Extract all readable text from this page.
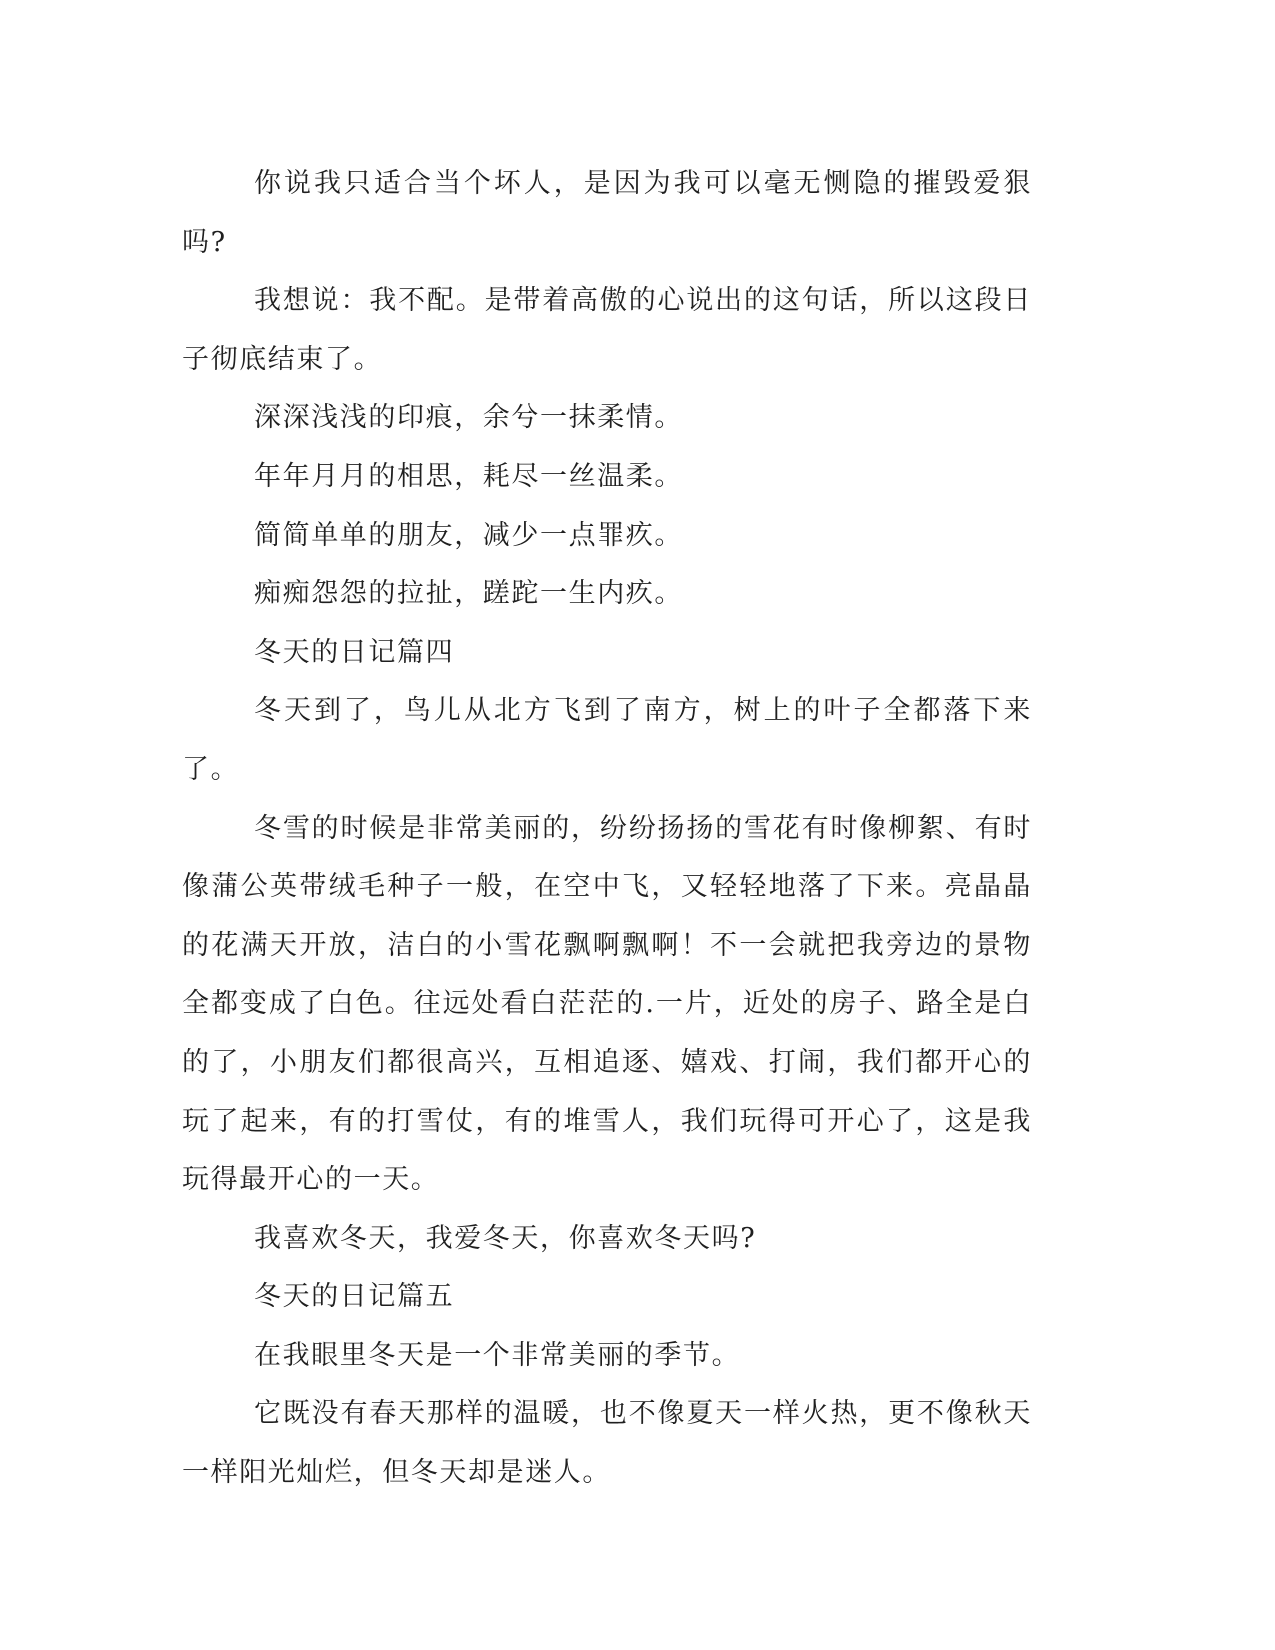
你说我只适合当个坏人，是因为我可以毫无恻隐的摧毁爱狠吗?

我想说：我不配。是带着高傲的心说出的这句话，所以这段日子彻底结束了。

深深浅浅的印痕，余兮一抹柔情。

年年月月的相思，耗尽一丝温柔。

简简单单的朋友，减少一点罪疚。

痴痴怨怨的拉扯，蹉跎一生内疚。

冬天的日记篇四

冬天到了，鸟儿从北方飞到了南方，树上的叶子全都落下来了。

冬雪的时候是非常美丽的，纷纷扬扬的雪花有时像柳絮、有时像蒲公英带绒毛种子一般，在空中飞，又轻轻地落了下来。亮晶晶的花满天开放，洁白的小雪花飘啊飘啊！不一会就把我旁边的景物全都变成了白色。往远处看白茫茫的.一片，近处的房子、路全是白的了，小朋友们都很高兴，互相追逐、嬉戏、打闹，我们都开心的玩了起来，有的打雪仗，有的堆雪人，我们玩得可开心了，这是我玩得最开心的一天。

我喜欢冬天，我爱冬天，你喜欢冬天吗?

冬天的日记篇五

在我眼里冬天是一个非常美丽的季节。

它既没有春天那样的温暖，也不像夏天一样火热，更不像秋天一样阳光灿烂，但冬天却是迷人。
